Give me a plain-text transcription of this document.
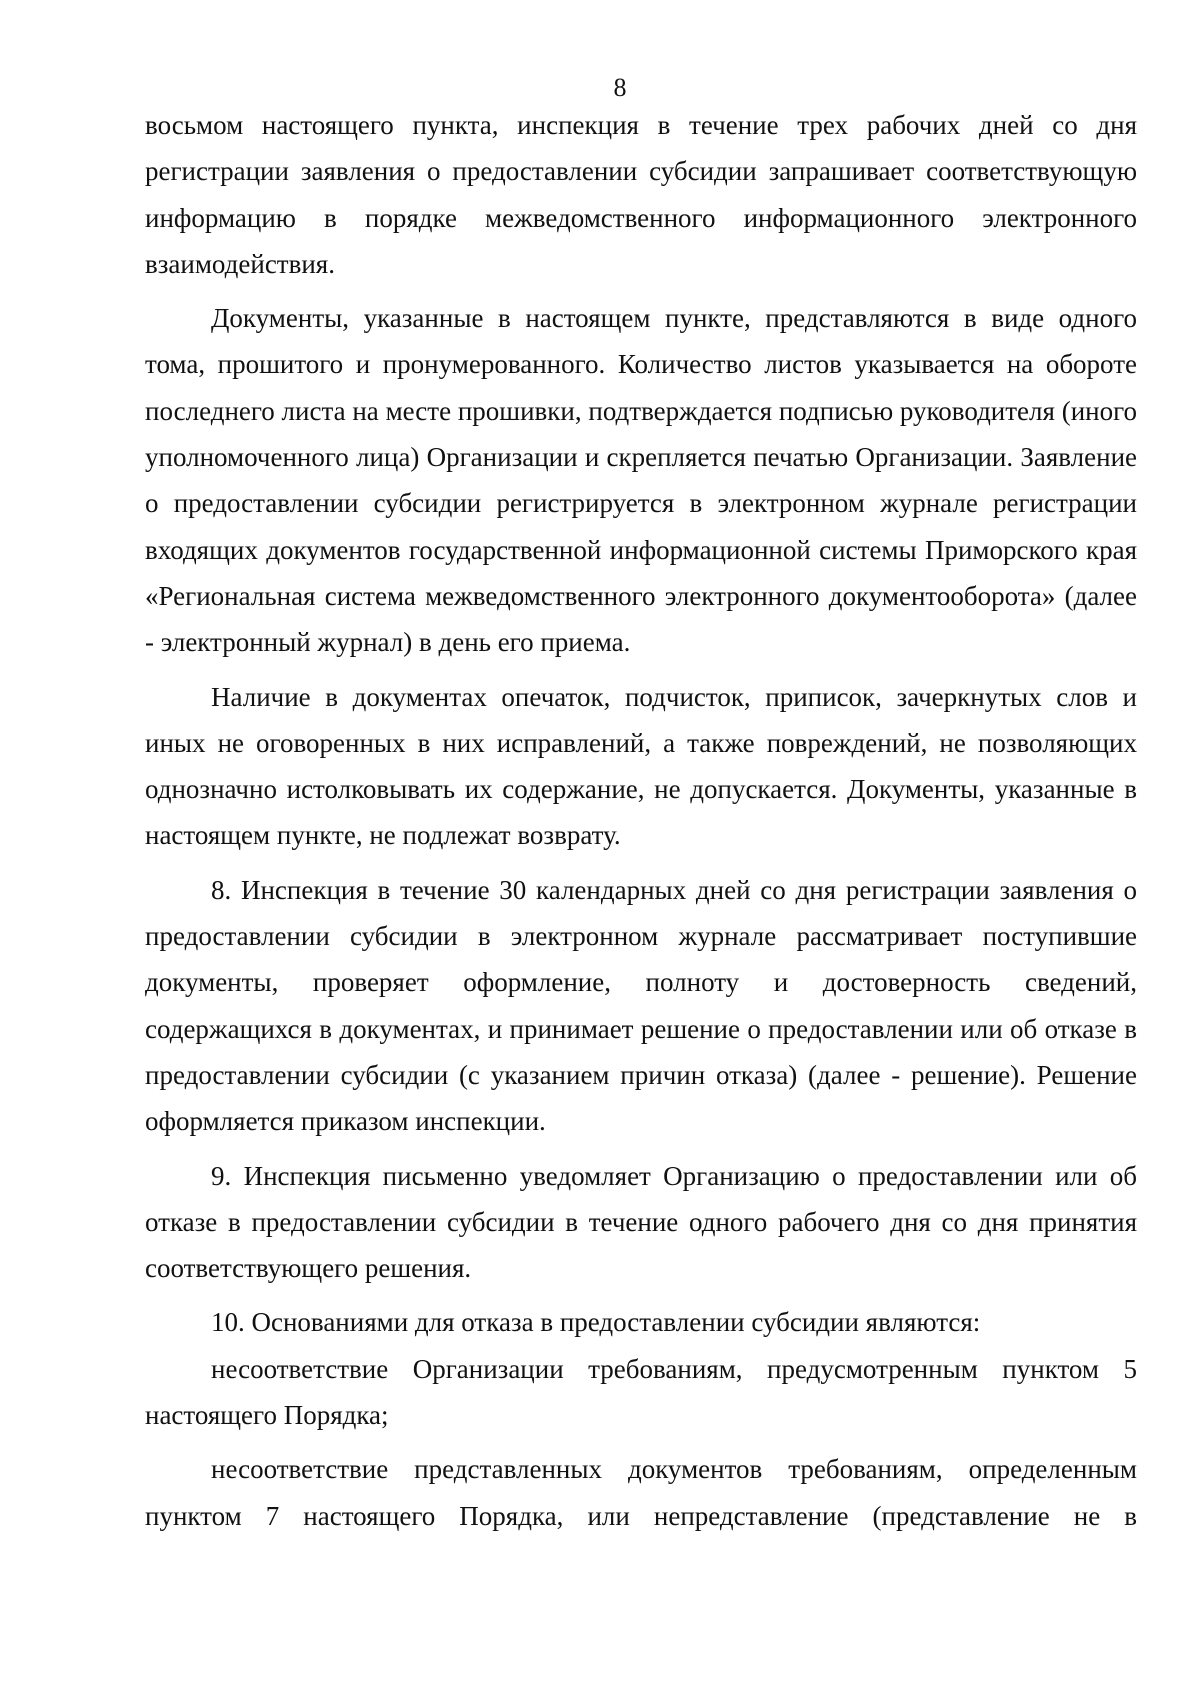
8

восьмом настоящего пункта, инспекция в течение трех рабочих дней со дня регистрации заявления о предоставлении субсидии запрашивает соответствующую информацию в порядке межведомственного информационного электронного взаимодействия.

Документы, указанные в настоящем пункте, представляются в виде одного тома, прошитого и пронумерованного. Количество листов указывается на обороте последнего листа на месте прошивки, подтверждается подписью руководителя (иного уполномоченного лица) Организации и скрепляется печатью Организации. Заявление о предоставлении субсидии регистрируется в электронном журнале регистрации входящих документов государственной информационной системы Приморского края «Региональная система межведомственного электронного документооборота» (далее - электронный журнал) в день его приема.

Наличие в документах опечаток, подчисток, приписок, зачеркнутых слов и иных не оговоренных в них исправлений, а также повреждений, не позволяющих однозначно истолковывать их содержание, не допускается. Документы, указанные в настоящем пункте, не подлежат возврату.

8. Инспекция в течение 30 календарных дней со дня регистрации заявления о предоставлении субсидии в электронном журнале рассматривает поступившие документы, проверяет оформление, полноту и достоверность сведений, содержащихся в документах, и принимает решение о предоставлении или об отказе в предоставлении субсидии (с указанием причин отказа) (далее - решение). Решение оформляется приказом инспекции.

9. Инспекция письменно уведомляет Организацию о предоставлении или об отказе в предоставлении субсидии в течение одного рабочего дня со дня принятия соответствующего решения.

10. Основаниями для отказа в предоставлении субсидии являются:

несоответствие Организации требованиям, предусмотренным пунктом 5 настоящего Порядка;

несоответствие представленных документов требованиям, определенным пунктом 7 настоящего Порядка, или непредставление (представление не в
